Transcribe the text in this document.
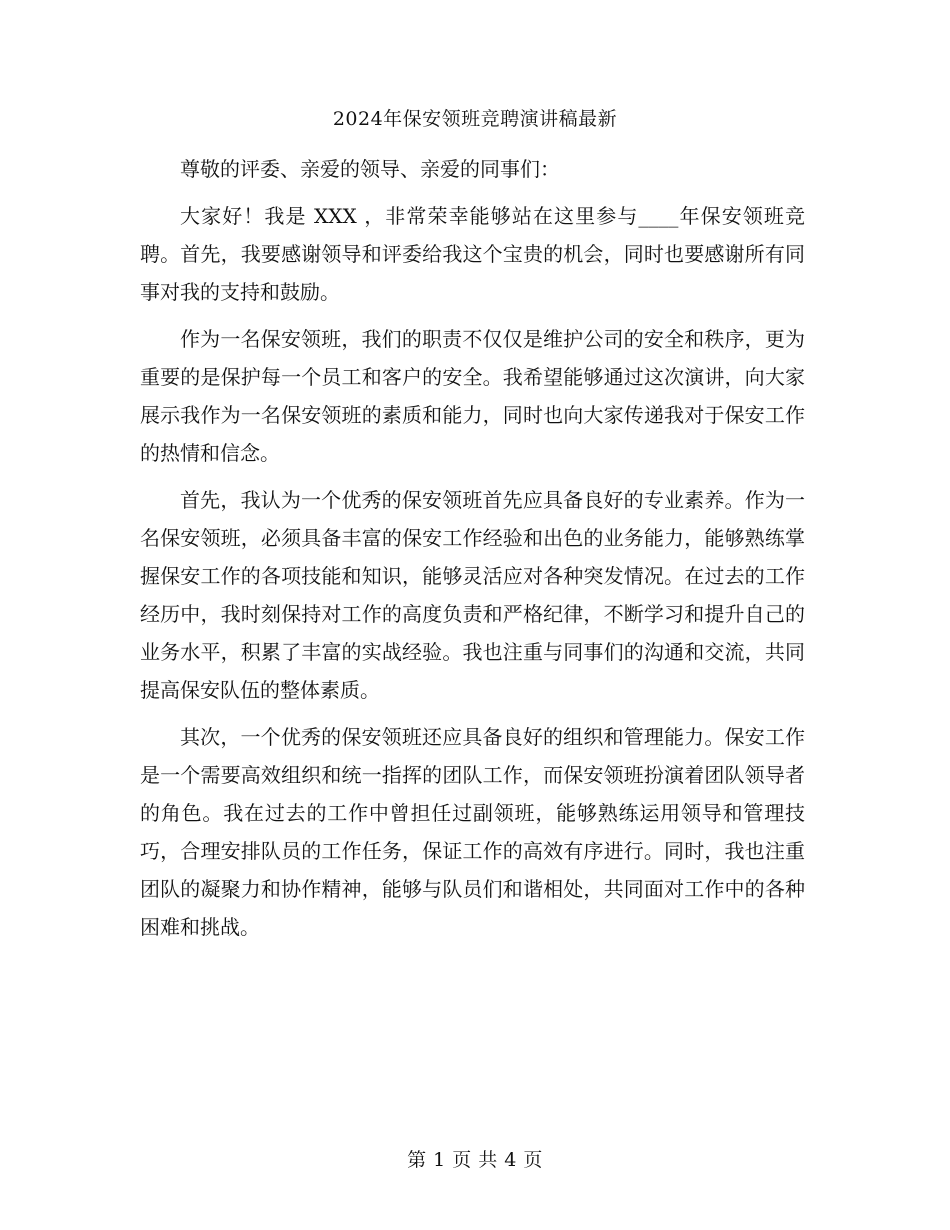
2024年保安领班竞聘演讲稿最新

尊敬的评委、亲爱的领导、亲爱的同事们：

大家好！我是 XXX ，非常荣幸能够站在这里参与____年保安领班竞聘。首先，我要感谢领导和评委给我这个宝贵的机会，同时也要感谢所有同事对我的支持和鼓励。

作为一名保安领班，我们的职责不仅仅是维护公司的安全和秩序，更为重要的是保护每一个员工和客户的安全。我希望能够通过这次演讲，向大家展示我作为一名保安领班的素质和能力，同时也向大家传递我对于保安工作的热情和信念。

首先，我认为一个优秀的保安领班首先应具备良好的专业素养。作为一名保安领班，必须具备丰富的保安工作经验和出色的业务能力，能够熟练掌握保安工作的各项技能和知识，能够灵活应对各种突发情况。在过去的工作经历中，我时刻保持对工作的高度负责和严格纪律，不断学习和提升自己的业务水平，积累了丰富的实战经验。我也注重与同事们的沟通和交流，共同提高保安队伍的整体素质。

其次，一个优秀的保安领班还应具备良好的组织和管理能力。保安工作是一个需要高效组织和统一指挥的团队工作，而保安领班扮演着团队领导者的角色。我在过去的工作中曾担任过副领班，能够熟练运用领导和管理技巧，合理安排队员的工作任务，保证工作的高效有序进行。同时，我也注重团队的凝聚力和协作精神，能够与队员们和谐相处，共同面对工作中的各种困难和挑战。

第 1 页 共 4 页
